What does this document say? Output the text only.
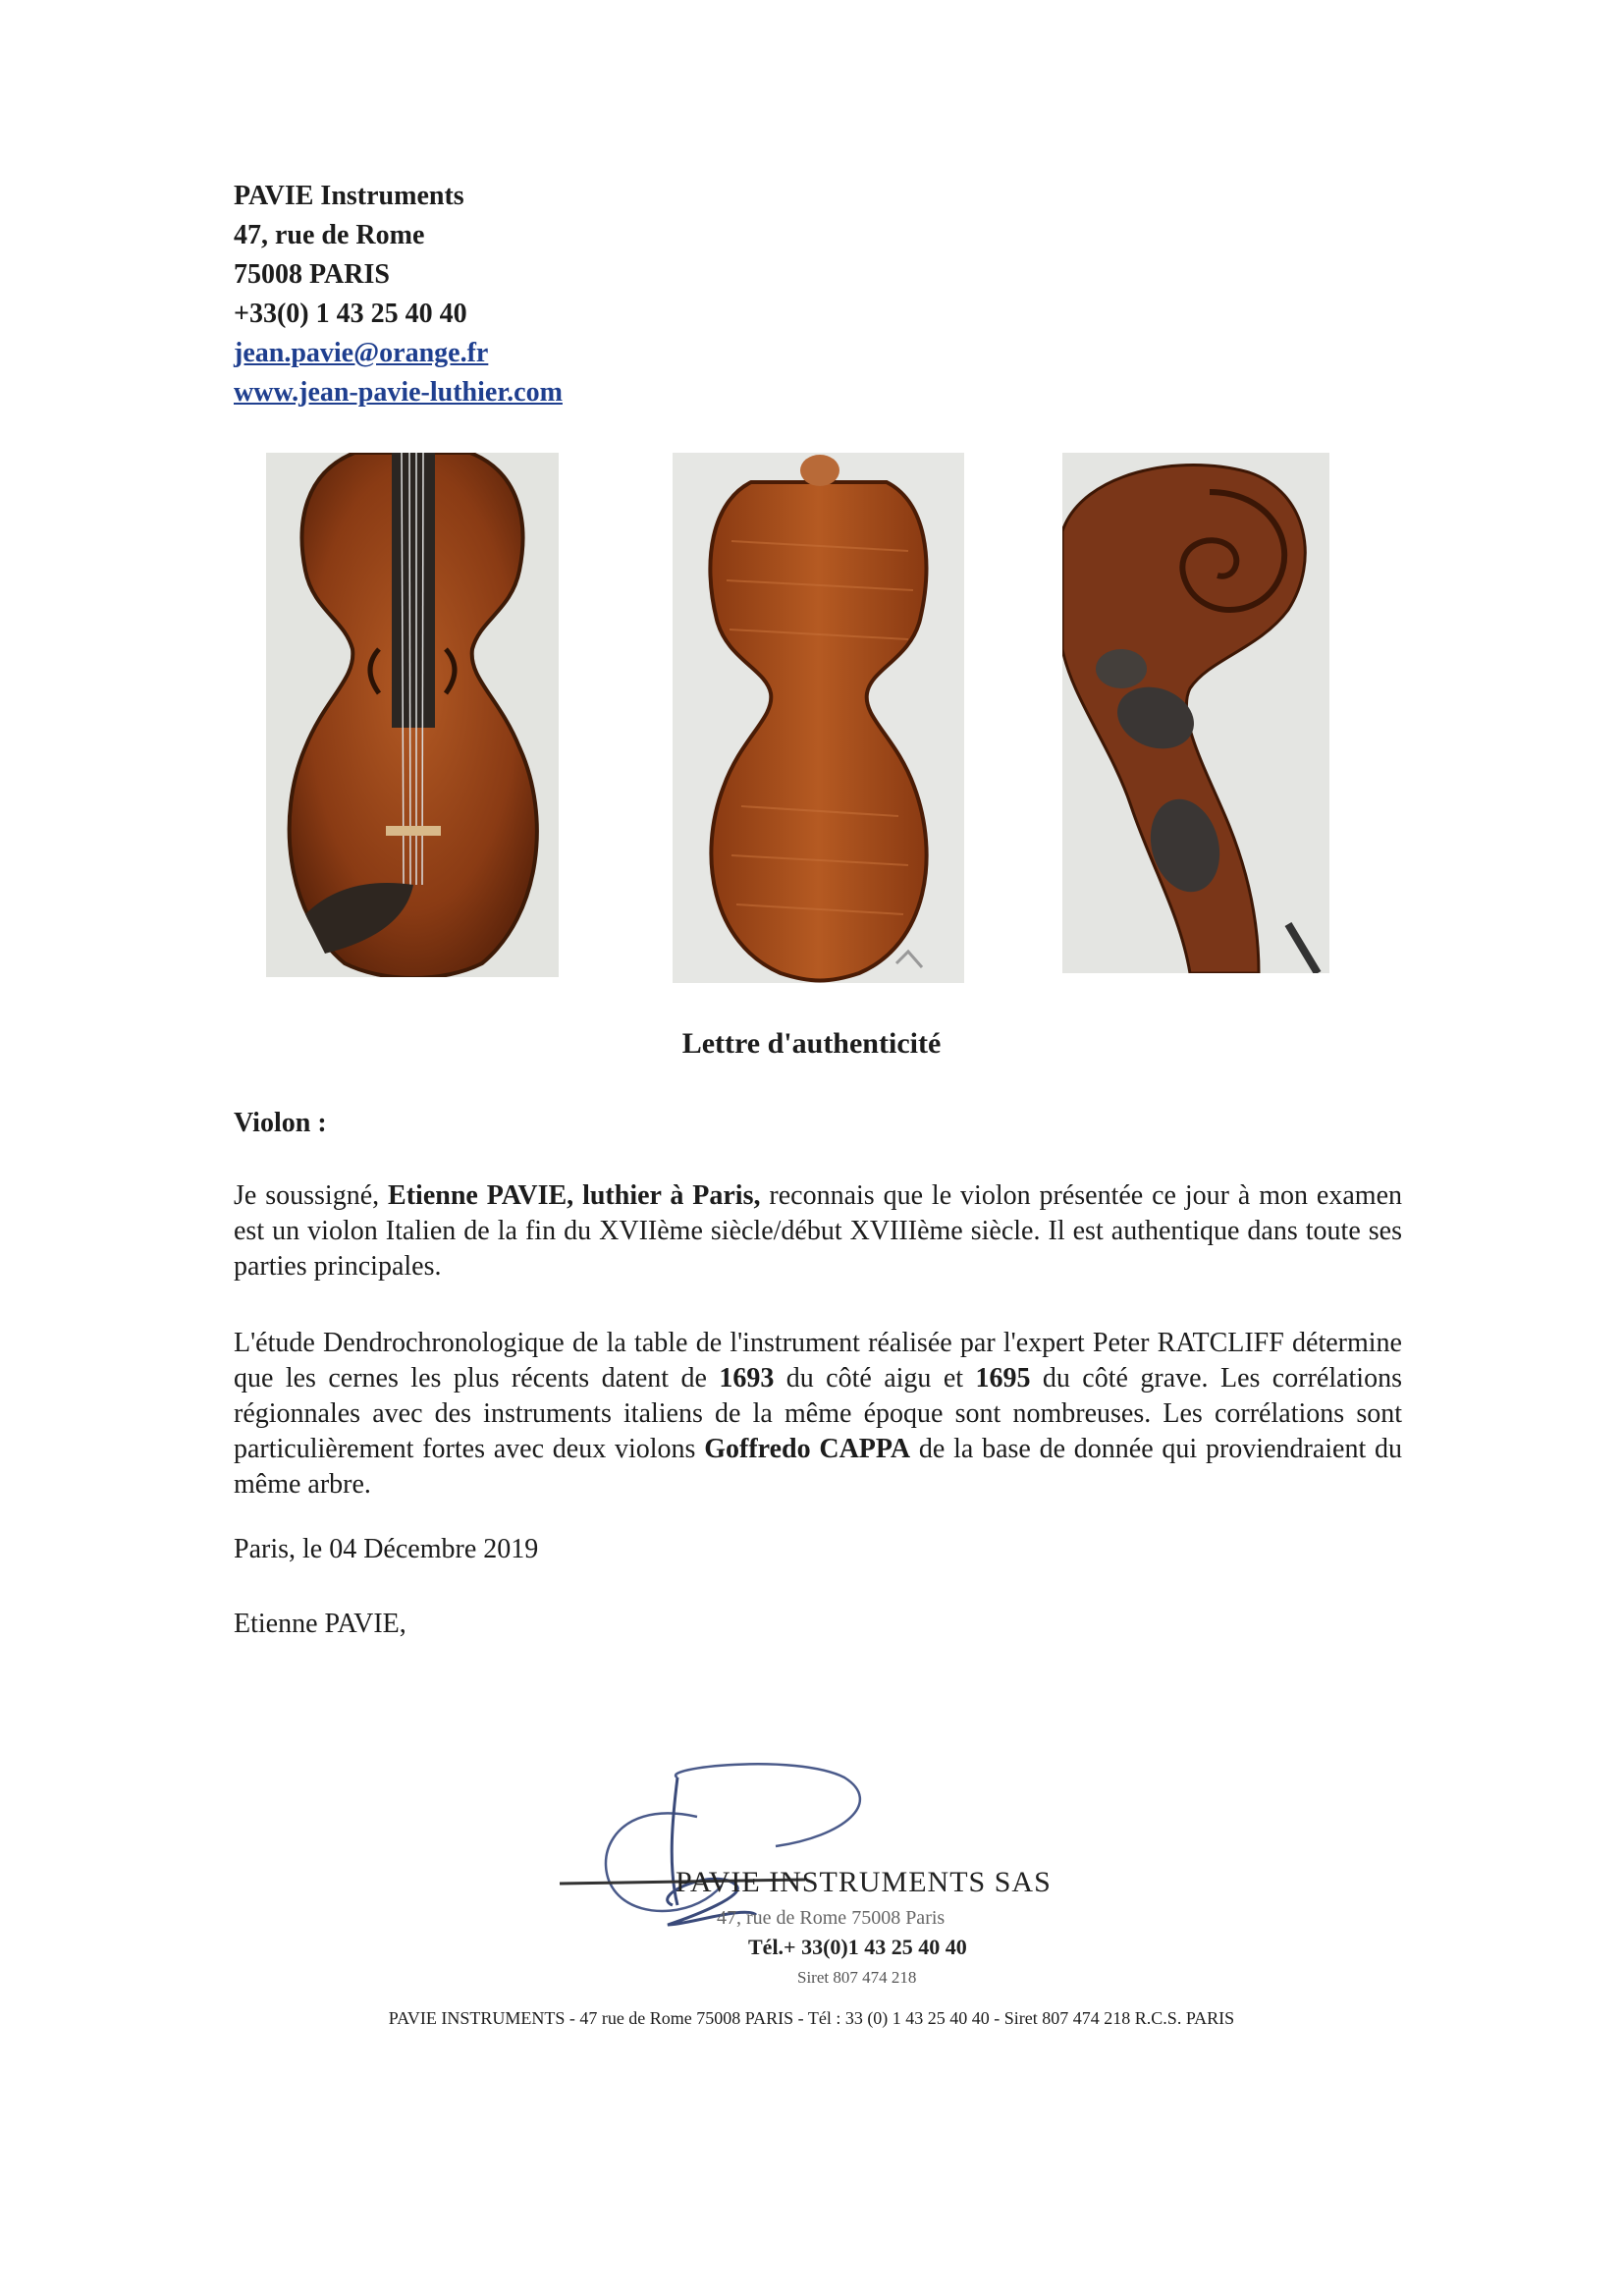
PAVIE Instruments
47, rue de Rome
75008 PARIS
+33(0) 1 43 25 40 40
jean.pavie@orange.fr
www.jean-pavie-luthier.com
Lettre d'authenticité
Violon :
Je soussigné, Etienne PAVIE, luthier à Paris, reconnais que le violon présentée ce jour à mon examen est un violon Italien de la fin du XVIIème siècle/début XVIIIème siècle. Il est authentique dans toute ses parties principales.
L'étude Dendrochronologique de la table de l'instrument réalisée par l'expert Peter RATCLIFF détermine que les cernes les plus récents datent de 1693 du côté aigu et 1695 du côté grave. Les corrélations régionnales avec des instruments italiens de la même époque sont nombreuses. Les corrélations sont particulièrement fortes avec deux violons Goffredo CAPPA de la base de donnée qui proviendraient du même arbre.
Paris, le 04 Décembre 2019
Etienne PAVIE,
PAVIE INSTRUMENTS SAS
47, rue de Rome 75008 Paris
Tél.+ 33(0)1 43 25 40 40
Siret 807 474 218
PAVIE INSTRUMENTS - 47 rue de Rome 75008 PARIS - Tél : 33 (0) 1 43 25 40 40 - Siret 807 474 218 R.C.S. PARIS
